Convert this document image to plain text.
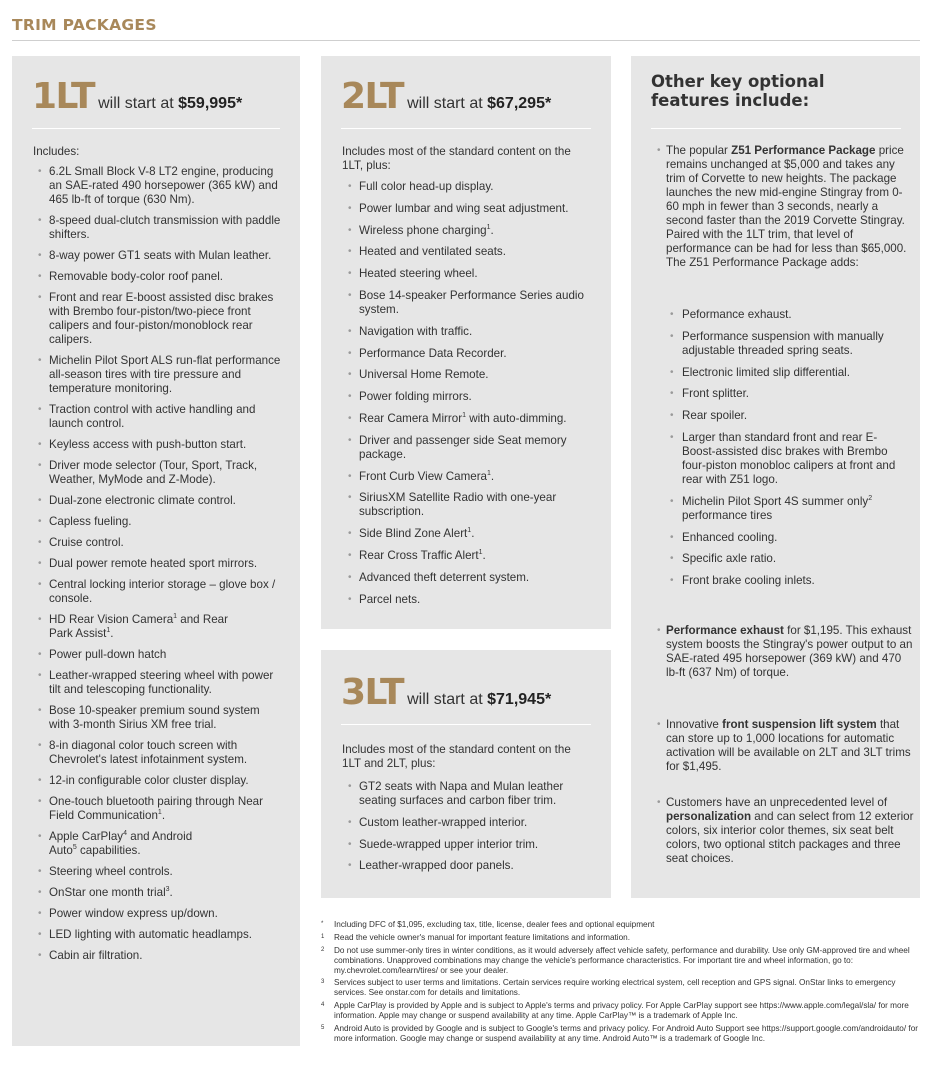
TRIM PACKAGES
1LT will start at $59,995*
Includes:
• 6.2L Small Block V-8 LT2 engine, producing an SAE-rated 490 horsepower (365 kW) and 465 lb-ft of torque (630 Nm).
• 8-speed dual-clutch transmission with paddle shifters.
• 8-way power GT1 seats with Mulan leather.
• Removable body-color roof panel.
• Front and rear E-boost assisted disc brakes with Brembo four-piston/two-piece front calipers and four-piston/monoblock rear calipers.
• Michelin Pilot Sport ALS run-flat performance all-season tires with tire pressure and temperature monitoring.
• Traction control with active handling and launch control.
• Keyless access with push-button start.
• Driver mode selector (Tour, Sport, Track, Weather, MyMode and Z-Mode).
• Dual-zone electronic climate control.
• Capless fueling.
• Cruise control.
• Dual power remote heated sport mirrors.
• Central locking interior storage – glove box / console.
• HD Rear Vision Camera$^1$ and Rear
Park Assist$^1$.
• Power pull-down hatch
• Leather-wrapped steering wheel with power tilt and telescoping functionality.
• Bose 10-speaker premium sound system with 3-month Sirius XM free trial.
• 8-in diagonal color touch screen with Chevrolet's latest infotainment system.
• 12-in configurable color cluster display.
• One-touch bluetooth pairing through Near Field Communication$^1$.
• Apple CarPlay$^4$ and Android
Auto$^5$ capabilities.
• Steering wheel controls.
• OnStar one month trial$^3$.
• Power window express up/down.
• LED lighting with automatic headlamps.
• Cabin air filtration.
2LT will start at $67,295*
Includes most of the standard content on the 1LT, plus:
• Full color head-up display.
• Power lumbar and wing seat adjustment.
• Wireless phone charging$^1$.
• Heated and ventilated seats.
• Heated steering wheel.
• Bose 14-speaker Performance Series audio system.
• Navigation with traffic.
• Performance Data Recorder.
• Universal Home Remote.
• Power folding mirrors.
• Rear Camera Mirror$^1$ with auto-dimming.
• Driver and passenger side Seat memory package.
• Front Curb View Camera$^1$.
• SiriusXM Satellite Radio with one-year subscription.
• Side Blind Zone Alert$^1$.
• Rear Cross Traffic Alert$^1$.
• Advanced theft deterrent system.
• Parcel nets.
3LT will start at $71,945*
Includes most of the standard content on the 1LT and 2LT, plus:
• GT2 seats with Napa and Mulan leather seating surfaces and carbon fiber trim.
• Custom leather-wrapped interior.
• Suede-wrapped upper interior trim.
• Leather-wrapped door panels.
Other key optional features include:
• The popular Z51 Performance Package price remains unchanged at $5,000 and takes any trim of Corvette to new heights. The package launches the new mid-engine Stingray from 0-60 mph in fewer than 3 seconds, nearly a second faster than the 2019 Corvette Stingray. Paired with the 1LT trim, that level of performance can be had for less than $65,000. The Z51 Performance Package adds:
• Peformance exhaust.
• Performance suspension with manually adjustable threaded spring seats.
• Electronic limited slip differential.
• Front splitter.
• Rear spoiler.
• Larger than standard front and rear E-Boost-assisted disc brakes with Brembo four-piston monobloc calipers at front and rear with Z51 logo.
• Michelin Pilot Sport 4S summer only$^2$ performance tires
• Enhanced cooling.
• Specific axle ratio.
• Front brake cooling inlets.
• Performance exhaust for $1,195. This exhaust system boosts the Stingray's power output to an SAE-rated 495 horsepower (369 kW) and 470 lb-ft (637 Nm) of torque.
• Innovative front suspension lift system that can store up to 1,000 locations for automatic activation will be available on 2LT and 3LT trims for $1,495.
• Customers have an unprecedented level of personalization and can select from 12 exterior colors, six interior color themes, six seat belt colors, two optional stitch packages and three seat choices.
* Including DFC of $1,095, excluding tax, title, license, dealer fees and optional equipment
1 Read the vehicle owner's manual for important feature limitations and information.
2 Do not use summer-only tires in winter conditions, as it would adversely affect vehicle safety, performance and durability. Use only GM-approved tire and wheel combinations. Unapproved combinations may change the vehicle's performance characteristics. For important tire and wheel information, go to: my.chevrolet.com/learn/tires/ or see your dealer.
3 Services subject to user terms and limitations. Certain services require working electrical system, cell reception and GPS signal. OnStar links to emergency services. See onstar.com for details and limitations.
4 Apple CarPlay is provided by Apple and is subject to Apple's terms and privacy policy. For Apple CarPlay support see https://www.apple.com/legal/sla/ for more information. Apple may change or suspend availability at any time. Apple CarPlay™ is a trademark of Apple Inc.
5 Android Auto is provided by Google and is subject to Google's terms and privacy policy. For Android Auto Support see https://support.google.com/androidauto/ for more information. Google may change or suspend availability at any time. Android Auto™ is a trademark of Google Inc.
